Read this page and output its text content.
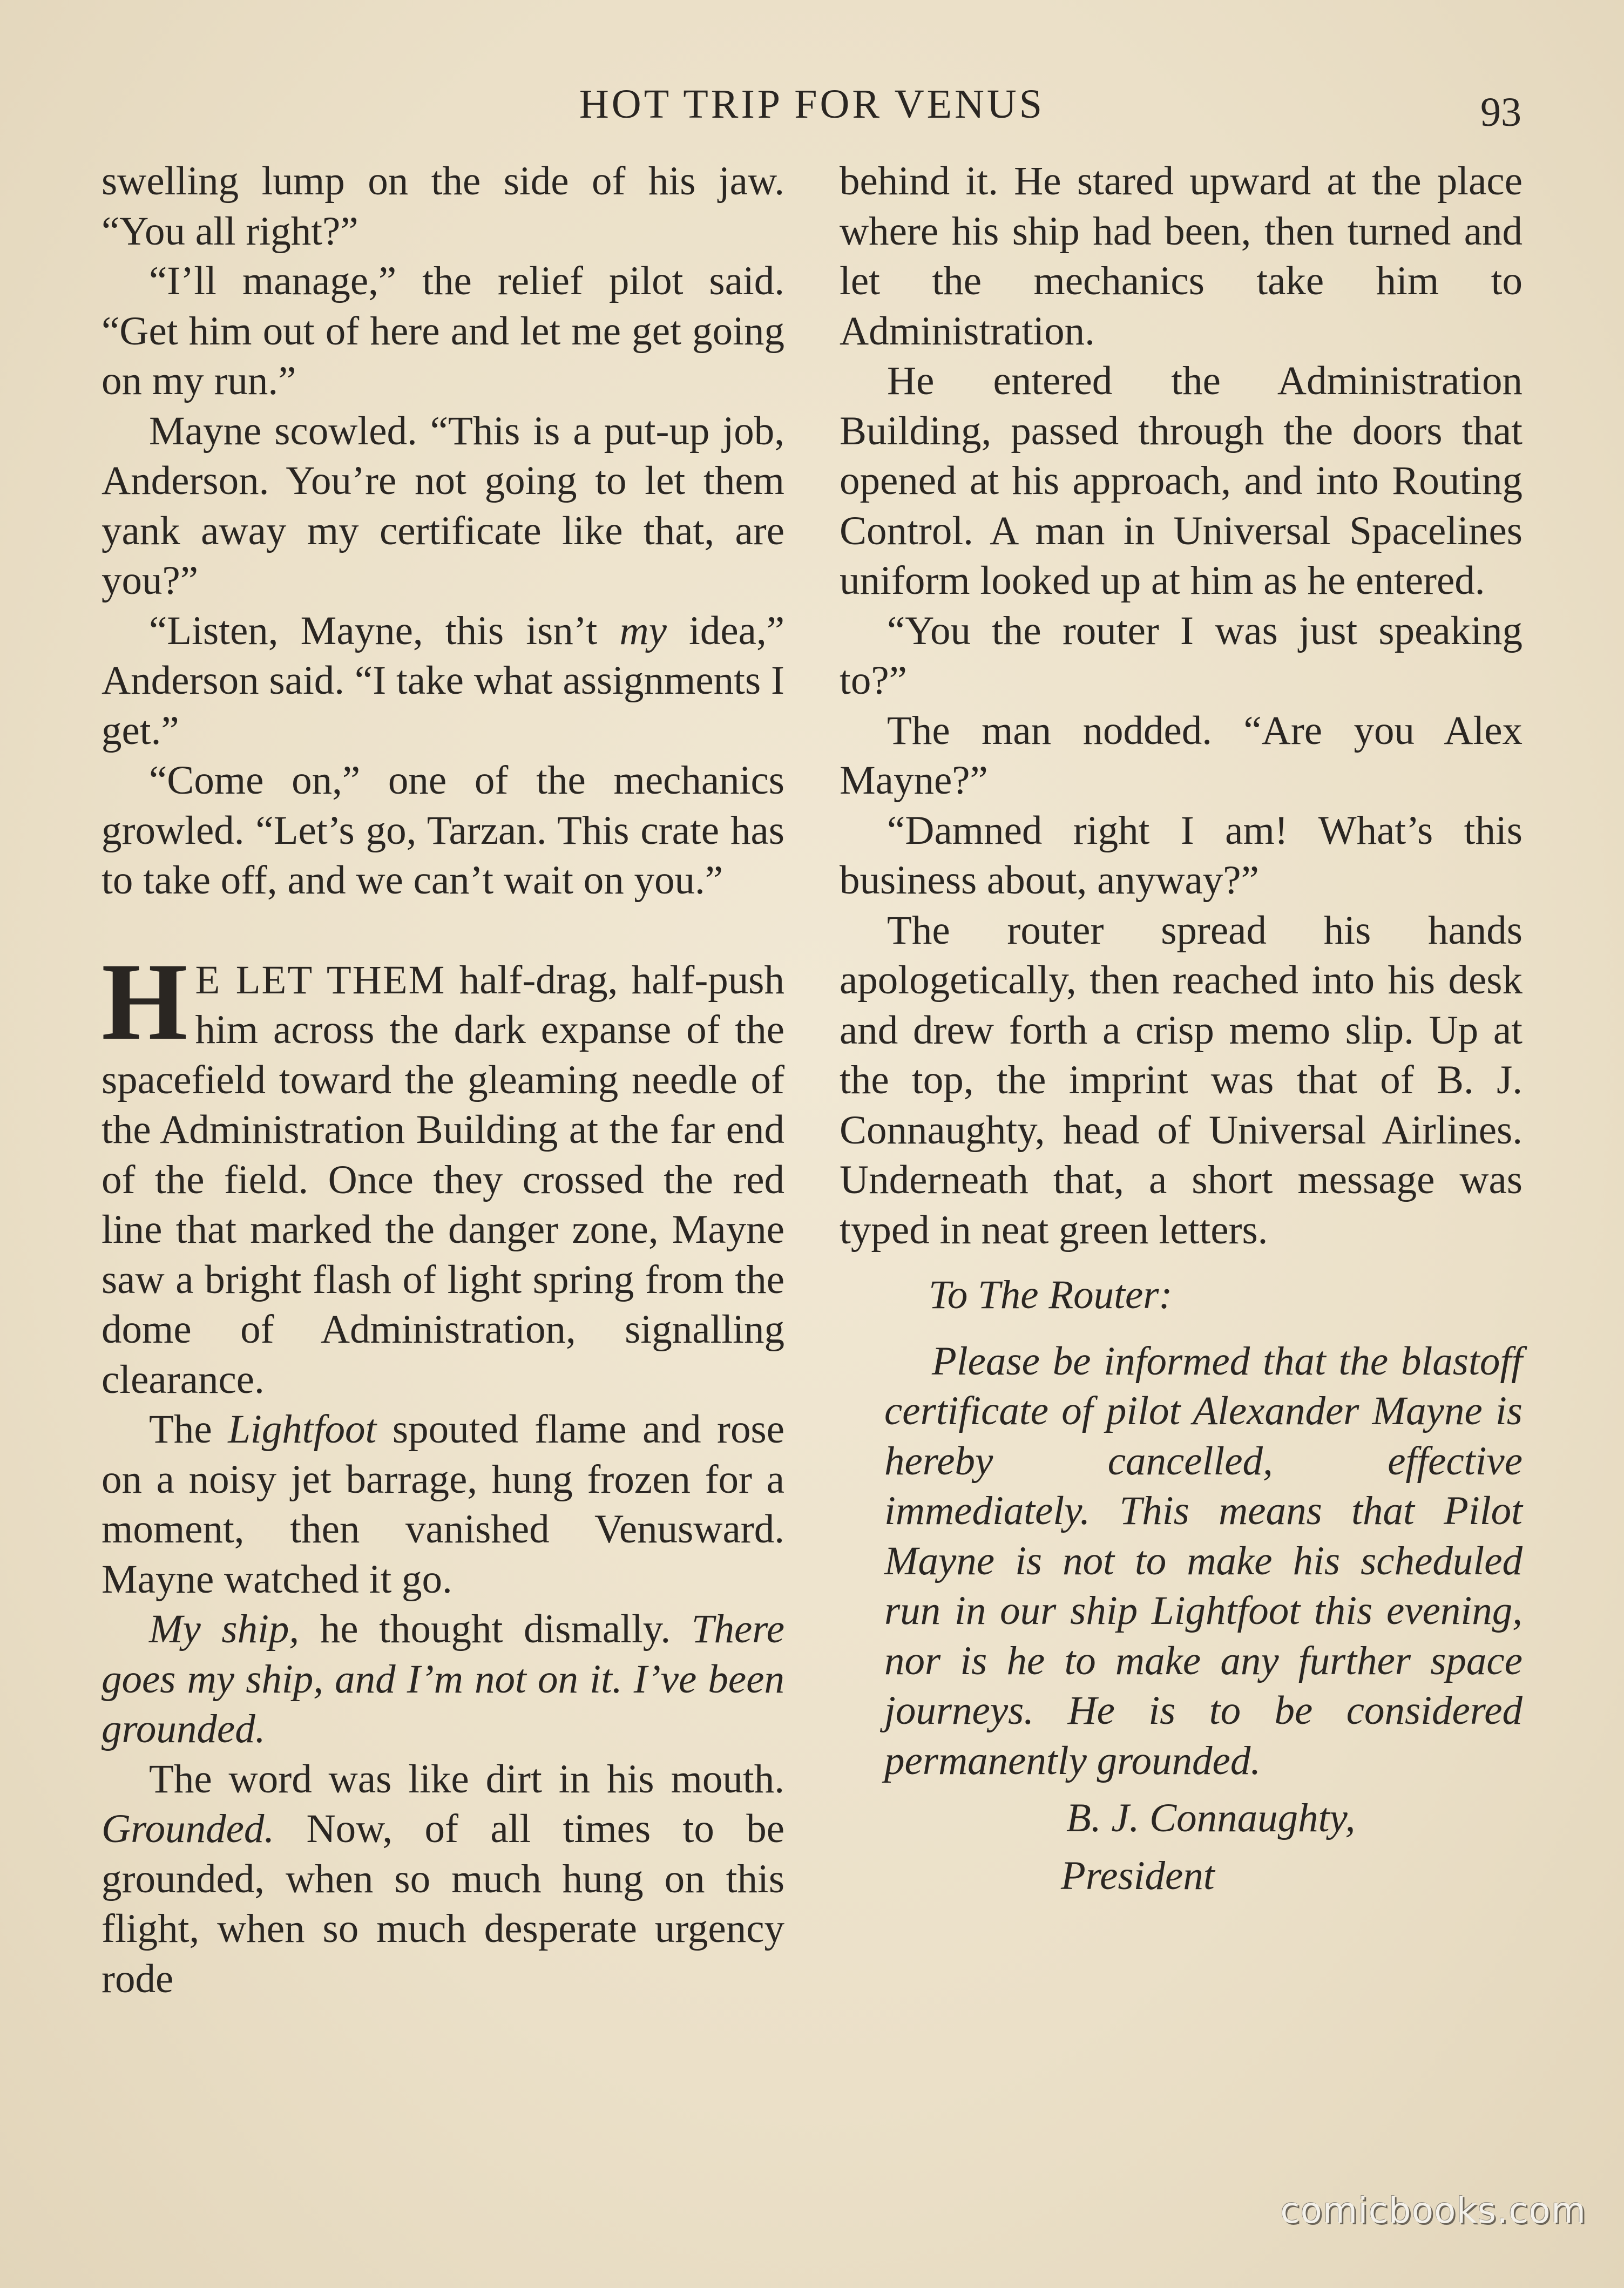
HOT TRIP FOR VENUS	93

swelling lump on the side of his jaw. “You all right?”

“I’ll manage,” the relief pilot said. “Get him out of here and let me get going on my run.”

Mayne scowled. “This is a put-up job, Anderson. You’re not going to let them yank away my certificate like that, are you?”

“Listen, Mayne, this isn’t my idea,” Anderson said. “I take what assignments I get.”

“Come on,” one of the mechanics growled. “Let’s go, Tarzan. This crate has to take off, and we can’t wait on you.”

H E LET THEM half-drag, half-push him across the dark expanse of the spacefield toward the gleaming needle of the Administration Building at the far end of the field. Once they crossed the red line that marked the danger zone, Mayne saw a bright flash of light spring from the dome of Administration, signalling clearance.

The Lightfoot spouted flame and rose on a noisy jet barrage, hung frozen for a moment, then vanished Venusward. Mayne watched it go.

My ship, he thought dismally. There goes my ship, and I’m not on it. I’ve been grounded.

The word was like dirt in his mouth. Grounded. Now, of all times to be grounded, when so much hung on this flight, when so much desperate urgency rode

behind it. He stared upward at the place where his ship had been, then turned and let the mechanics take him to Administration.

He entered the Administration Building, passed through the doors that opened at his approach, and into Routing Control. A man in Universal Spacelines uniform looked up at him as he entered.

“You the router I was just speaking to?”

The man nodded. “Are you Alex Mayne?”

“Damned right I am! What’s this business about, anyway?”

The router spread his hands apologetically, then reached into his desk and drew forth a crisp memo slip. Up at the top, the imprint was that of B. J. Connaughty, head of Universal Airlines. Underneath that, a short message was typed in neat green letters.

To The Router:

Please be informed that the blastoff certificate of pilot Alexander Mayne is hereby cancelled, effective immediately. This means that Pilot Mayne is not to make his scheduled run in our ship Lightfoot this evening, nor is he to make any further space journeys. He is to be considered permanently grounded.

B. J. Connaughty,

President

comicbooks.com
